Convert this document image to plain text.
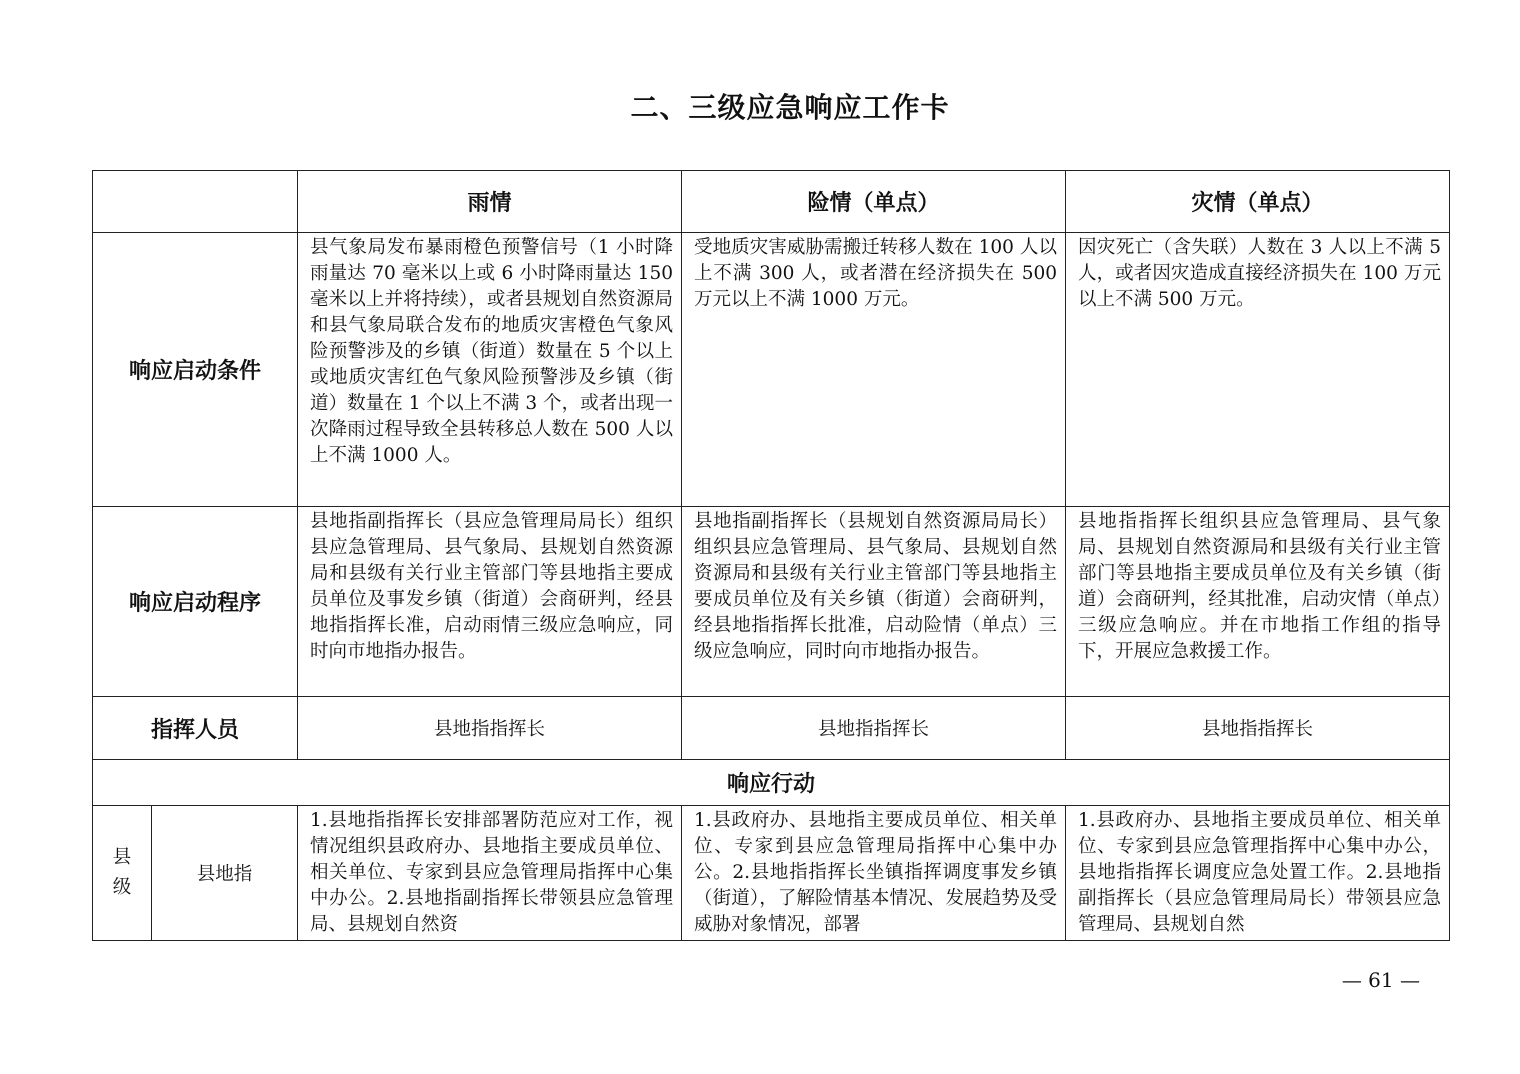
二、三级应急响应工作卡
		雨情	险情（单点）	灾情（单点）
响应启动条件		县气象局发布暴雨橙色预警信号（1 小时降雨量达 70 毫米以上或 6 小时降雨量达 150 毫米以上并将持续），或者县规划自然资源局和县气象局联合发布的地质灾害橙色气象风险预警涉及的乡镇（街道）数量在 5 个以上或地质灾害红色气象风险预警涉及乡镇（街道）数量在 1 个以上不满 3 个，或者出现一次降雨过程导致全县转移总人数在 500 人以上不满 1000 人。	受地质灾害威胁需搬迁转移人数在 100 人以上不满 300 人，或者潜在经济损失在 500 万元以上不满 1000 万元。	因灾死亡（含失联）人数在 3 人以上不满 5 人，或者因灾造成直接经济损失在 100 万元以上不满 500 万元。
响应启动程序		县地指副指挥长（县应急管理局局长）组织县应急管理局、县气象局、县规划自然资源局和县级有关行业主管部门等县地指主要成员单位及事发乡镇（街道）会商研判，经县地指指挥长准，启动雨情三级应急响应，同时向市地指办报告。	县地指副指挥长（县规划自然资源局局长）组织县应急管理局、县气象局、县规划自然资源局和县级有关行业主管部门等县地指主要成员单位及有关乡镇（街道）会商研判，经县地指指挥长批准，启动险情（单点）三级应急响应，同时向市地指办报告。	县地指指挥长组织县应急管理局、县气象局、县规划自然资源局和县级有关行业主管部门等县地指主要成员单位及有关乡镇（街道）会商研判，经其批准，启动灾情（单点）三级应急响应。并在市地指工作组的指导下，开展应急救援工作。
指挥人员		县地指指挥长	县地指指挥长	县地指指挥长
响应行动				

县
级	县地指	1.县地指指挥长安排部署防范应对工作，视情况组织县政府办、县地指主要成员单位、相关单位、专家到县应急管理局指挥中心集中办公。2.县地指副指挥长带领县应急管理局、县规划自然资	1.县政府办、县地指主要成员单位、相关单位、专家到县应急管理局指挥中心集中办公。2.县地指指挥长坐镇指挥调度事发乡镇（街道），了解险情基本情况、发展趋势及受威胁对象情况，部署	1.县政府办、县地指主要成员单位、相关单位、专家到县应急管理指挥中心集中办公，县地指指挥长调度应急处置工作。2.县地指副指挥长（县应急管理局局长）带领县应急管理局、县规划自然
— 61 —
